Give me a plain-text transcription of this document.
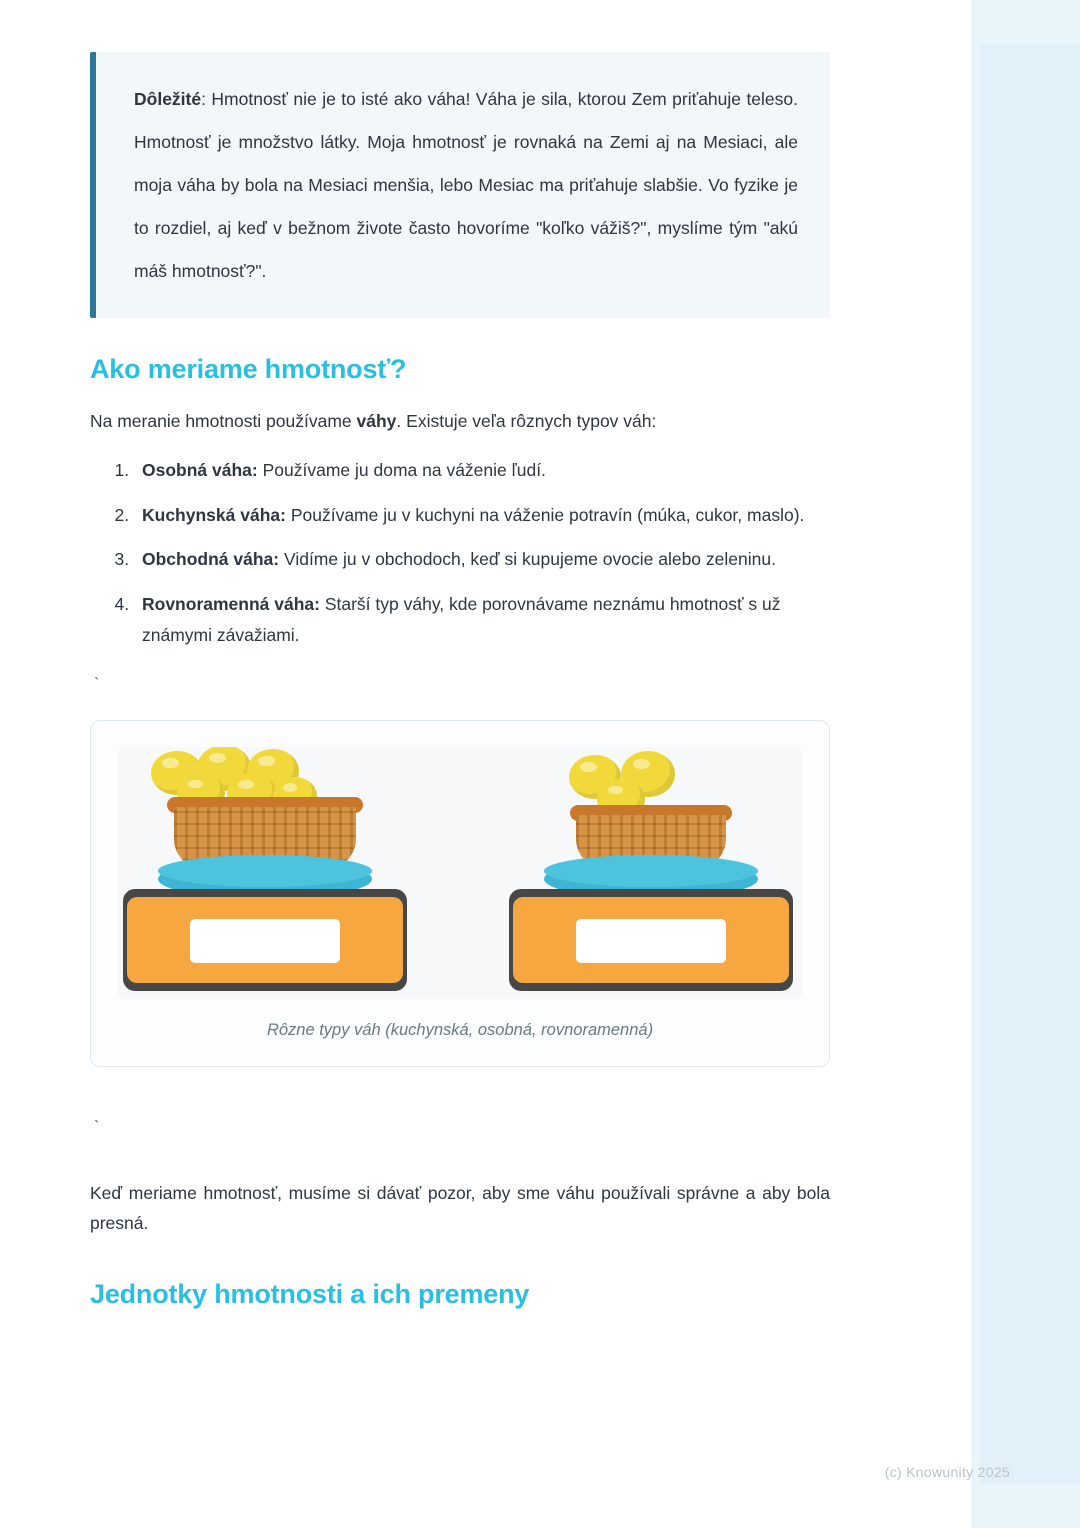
Dôležité: Hmotnosť nie je to isté ako váha! Váha je sila, ktorou Zem priťahuje teleso. Hmotnosť je množstvo látky. Moja hmotnosť je rovnaká na Zemi aj na Mesiaci, ale moja váha by bola na Mesiaci menšia, lebo Mesiac ma priťahuje slabšie. Vo fyzike je to rozdiel, aj keď v bežnom živote často hovoríme "koľko vážiš?", myslíme tým "akú máš hmotnosť?".

Ako meriame hmotnosť?

Na meranie hmotnosti používame váhy. Existuje veľa rôznych typov váh:

1. Osobná váha: Používame ju doma na váženie ľudí.
2. Kuchynská váha: Používame ju v kuchyni na váženie potravín (múka, cukor, maslo).
3. Obchodná váha: Vidíme ju v obchodoch, keď si kupujeme ovocie alebo zeleninu.
4. Rovnoramenná váha: Starší typ váhy, kde porovnávame neznámu hmotnosť s už známymi závažiami.
`
Rôzne typy váh (kuchynská, osobná, rovnoramenná)
`

Keď meriame hmotnosť, musíme si dávať pozor, aby sme váhu používali správne a aby bola presná.

Jednotky hmotnosti a ich premeny
(c) Knowunity 2025
